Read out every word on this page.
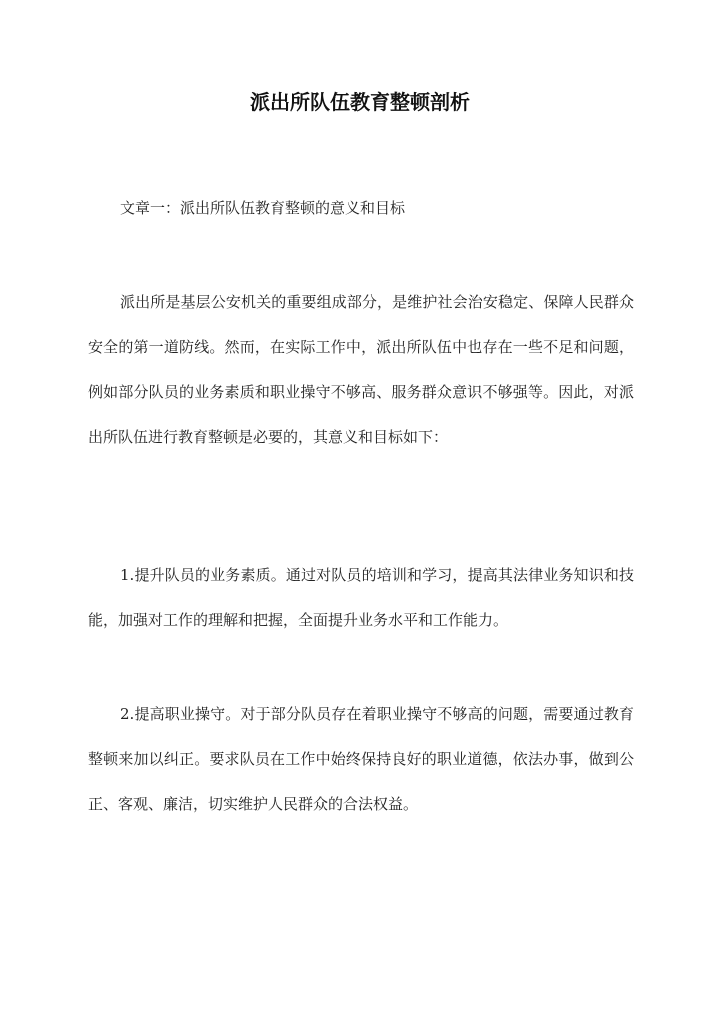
派出所队伍教育整顿剖析
文章一：派出所队伍教育整顿的意义和目标
派出所是基层公安机关的重要组成部分，是维护社会治安稳定、保障人民群众安全的第一道防线。然而，在实际工作中，派出所队伍中也存在一些不足和问题，例如部分队员的业务素质和职业操守不够高、服务群众意识不够强等。因此，对派出所队伍进行教育整顿是必要的，其意义和目标如下：
1.提升队员的业务素质。通过对队员的培训和学习，提高其法律业务知识和技能，加强对工作的理解和把握，全面提升业务水平和工作能力。
2.提高职业操守。对于部分队员存在着职业操守不够高的问题，需要通过教育整顿来加以纠正。要求队员在工作中始终保持良好的职业道德，依法办事，做到公正、客观、廉洁，切实维护人民群众的合法权益。
